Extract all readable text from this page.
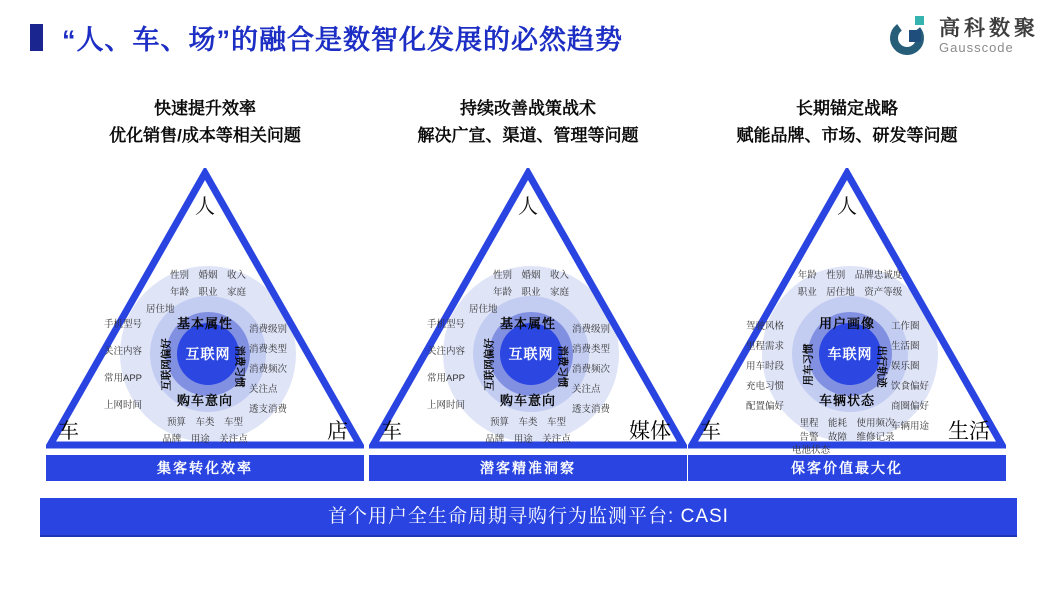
“人、车、场”的融合是数智化发展的必然趋势	高科数聚
Gausscode
快速提升效率
优化销售/成本等相关问题
互联网
人
性别　婚姻　收入
年龄　职业　家庭
居住地
基本属性
购车意向
互联网偏好	消费习惯
手机型号
关注内容
常用APP
上网时间
消费级别
消费类型
消费频次
关注点
透支消费
预算　车类　车型
品牌　用途　关注点
车	店
集客转化效率
持续改善战策战术
解决广宣、渠道、管理等问题
互联网
人
性别　婚姻　收入
年龄　职业　家庭
居住地
基本属性
购车意向
互联网偏好	消费习惯
手机型号
关注内容
常用APP
上网时间
消费级别
消费类型
消费频次
关注点
透支消费
预算　车类　车型
品牌　用途　关注点
车	媒体
潜客精准洞察
长期锚定战略
赋能品牌、市场、研发等问题
车联网
人
年龄　性别　品牌忠诚度
职业　居住地　资产等级
用户画像
车辆状态
用车习惯	出行轨迹
驾驶风格
里程需求
用车时段
充电习惯
配置偏好
工作圈
生活圈
娱乐圈
饮食偏好
商圈偏好
车辆用途
里程　能耗　使用频次
告警　故障　维修记录
电池状态
车	生活
保客价值最大化
首个用户全生命周期寻购行为监测平台: CASI
